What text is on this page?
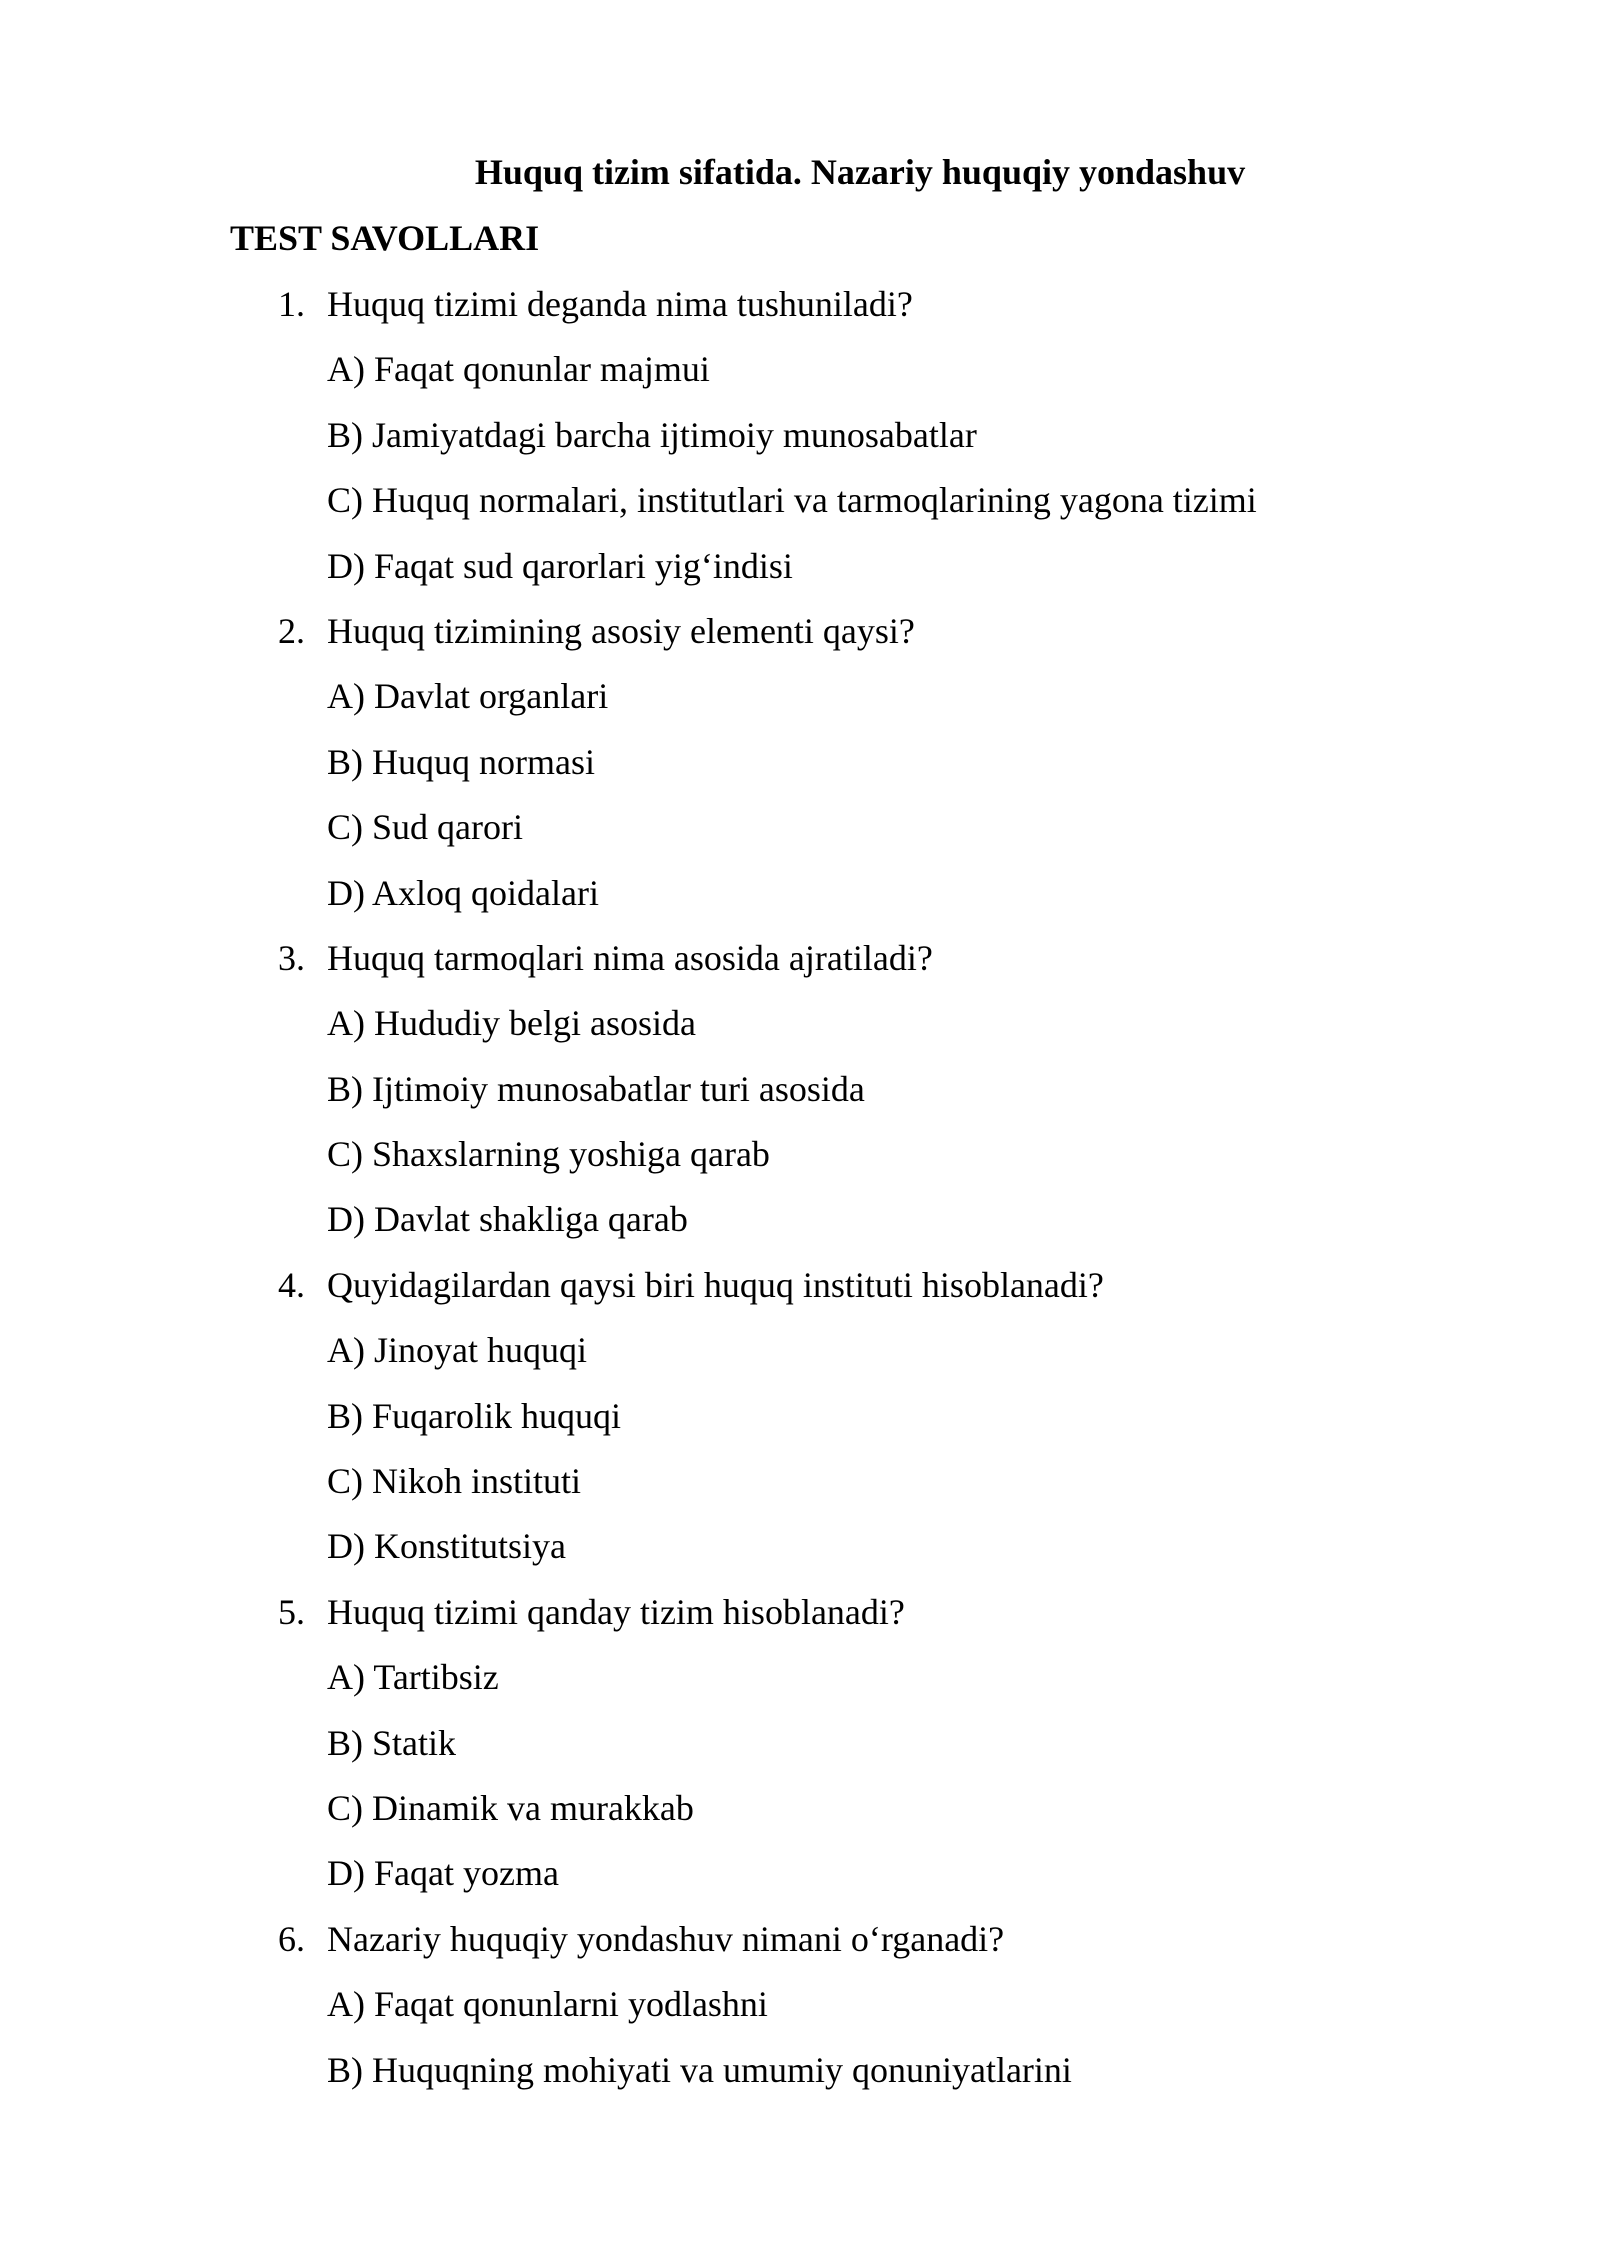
Huquq tizim sifatida. Nazariy huquqiy yondashuv
TEST SAVOLLARI
1. Huquq tizimi deganda nima tushuniladi?
A) Faqat qonunlar majmui
B) Jamiyatdagi barcha ijtimoiy munosabatlar
C) Huquq normalari, institutlari va tarmoqlarining yagona tizimi
D) Faqat sud qarorlari yig‘indisi
2. Huquq tizimining asosiy elementi qaysi?
A) Davlat organlari
B) Huquq normasi
C) Sud qarori
D) Axloq qoidalari
3. Huquq tarmoqlari nima asosida ajratiladi?
A) Hududiy belgi asosida
B) Ijtimoiy munosabatlar turi asosida
C) Shaxslarning yoshiga qarab
D) Davlat shakliga qarab
4. Quyidagilardan qaysi biri huquq instituti hisoblanadi?
A) Jinoyat huquqi
B) Fuqarolik huquqi
C) Nikoh instituti
D) Konstitutsiya
5. Huquq tizimi qanday tizim hisoblanadi?
A) Tartibsiz
B) Statik
C) Dinamik va murakkab
D) Faqat yozma
6. Nazariy huquqiy yondashuv nimani o‘rganadi?
A) Faqat qonunlarni yodlashni
B) Huquqning mohiyati va umumiy qonuniyatlarini
